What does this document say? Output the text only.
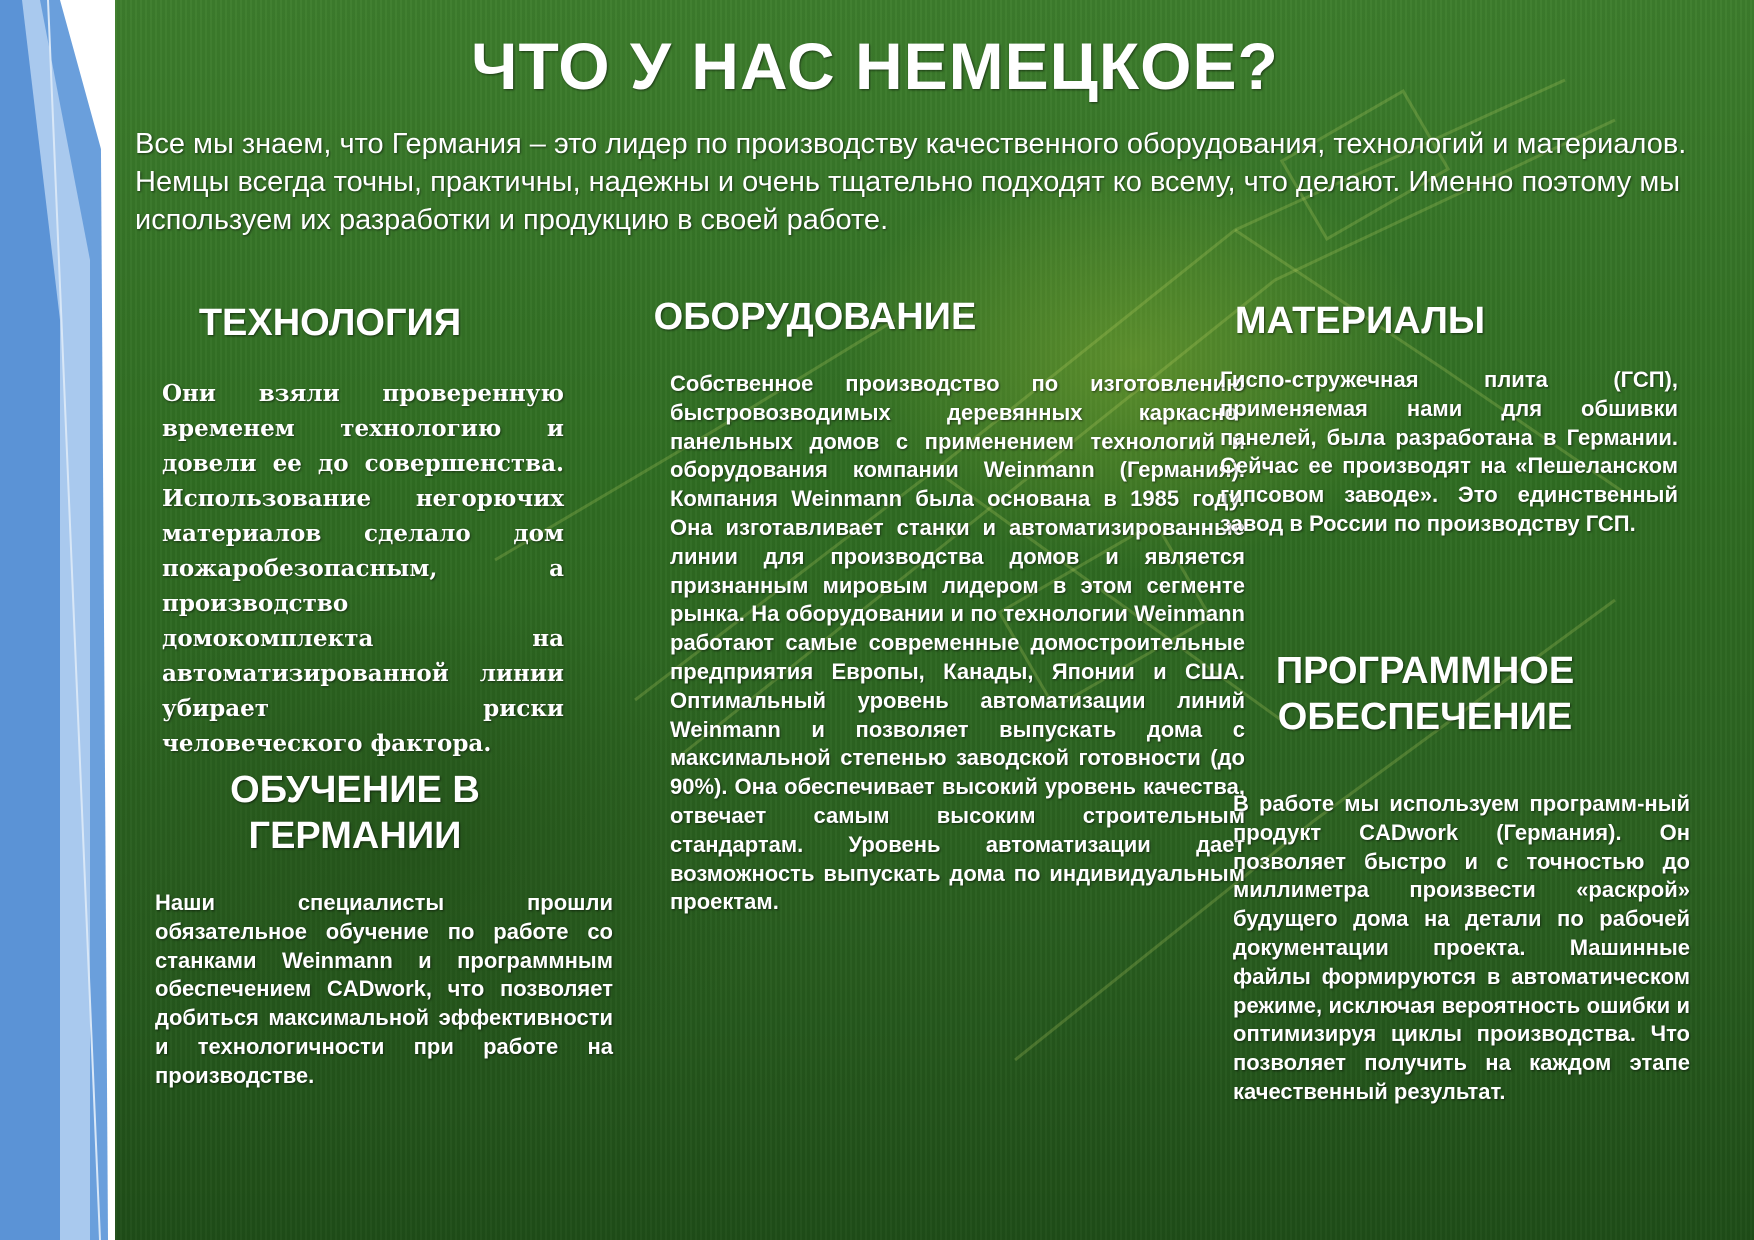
ЧТО У НАС НЕМЕЦКОЕ?
Все мы знаем, что Германия – это лидер по производству качественного оборудования, технологий и материалов. Немцы всегда точны, практичны, надежны и очень тщательно подходят ко всему, что делают. Именно поэтому мы используем их разработки и продукцию в своей работе.
ТЕХНОЛОГИЯ
Они взяли проверенную временем технологию и довели ее до совершенства. Использование негорючих материалов сделало дом пожаробезопасным, а производство домокомплекта на автоматизированной линии убирает риски человеческого фактора.
ОБОРУДОВАНИЕ
Собственное производство по изготовлению быстровозводимых деревянных каркасно-панельных домов с применением технологий и оборудования компании Weinmann (Германия). Компания Weinmann была основана в 1985 году. Она изготавливает станки и автоматизированные линии для производства домов и является признанным мировым лидером в этом сегменте рынка. На оборудовании и по технологии Weinmann работают самые современные домостроительные предприятия Европы, Канады, Японии и США. Оптимальный уровень автоматизации линий Weinmann и позволяет выпускать дома с максимальной степенью заводской готовности (до 90%). Она обеспечивает высокий уровень качества, отвечает самым высоким строительным стандартам. Уровень автоматизации дает возможность выпускать дома по индивидуальным проектам.
МАТЕРИАЛЫ
Гиспо-стружечная плита (ГСП), применяемая нами для обшивки панелей, была разработана в Германии. Сейчас ее производят на «Пешеланском гипсовом заводе». Это единственный завод в России по производству ГСП.
ОБУЧЕНИЕ В ГЕРМАНИИ
Наши специалисты прошли обязательное обучение по работе со станками Weinmann и программным обеспечением CADwork, что позволяет добиться максимальной эффективности и технологичности при работе на производстве.
ПРОГРАММНОЕ ОБЕСПЕЧЕНИЕ
В работе мы используем программ-ный продукт CADwork (Германия). Он позволяет быстро и с точностью до миллиметра произвести «раскрой» будущего дома на детали по рабочей документации проекта. Машинные файлы формируются в автоматическом режиме, исключая вероятность ошибки и оптимизируя циклы производства. Что позволяет получить на каждом этапе качественный результат.
